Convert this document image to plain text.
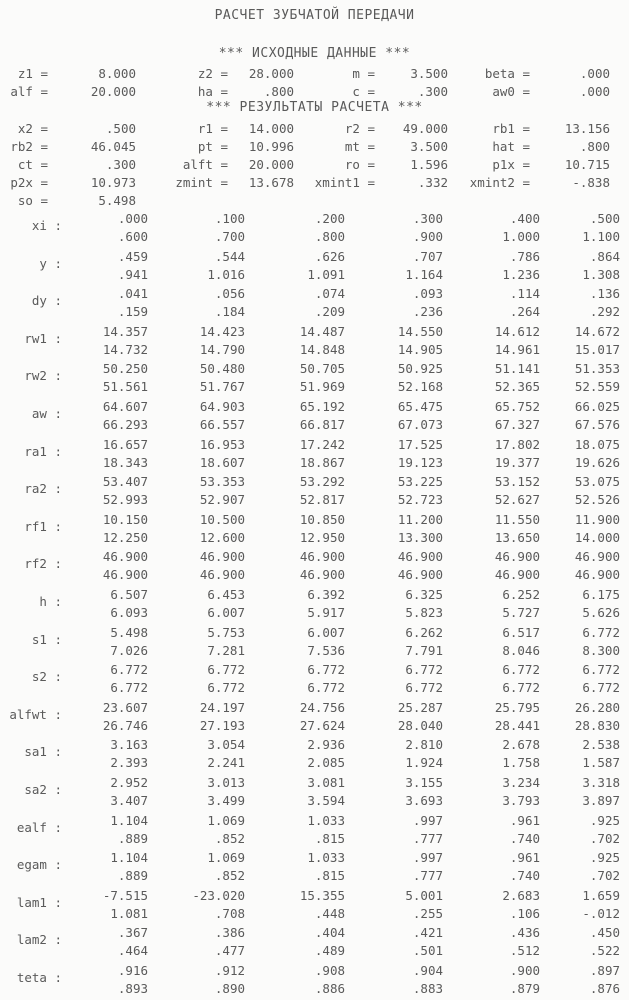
РАСЧЕТ ЗУБЧАТОЙ ПЕРЕДАЧИ
*** ИСХОДНЫЕ ДАННЫЕ ***
z1 =	8.000	z2 =	28.000	m =	3.500	beta =	.000
alf =	20.000	ha =	.800	c =	.300	aw0 =	.000
*** РЕЗУЛЬТАТЫ РАСЧЕТА ***
x2 =	.500	r1 =	14.000	r2 =	49.000	rb1 =	13.156
rb2 =	46.045	pt =	10.996	mt =	3.500	hat =	.800
ct =	.300	alft =	20.000	ro =	1.596	p1x =	10.715
p2x =	10.973	zmint =	13.678	xmint1 =	.332	xmint2 =	-.838
so =	5.498
xi :	.000	.100	.200	.300	.400	.500
.600	.700	.800	.900	1.000	1.100
y :	.459	.544	.626	.707	.786	.864
.941	1.016	1.091	1.164	1.236	1.308
dy :	.041	.056	.074	.093	.114	.136
.159	.184	.209	.236	.264	.292
rw1 :	14.357	14.423	14.487	14.550	14.612	14.672
14.732	14.790	14.848	14.905	14.961	15.017
rw2 :	50.250	50.480	50.705	50.925	51.141	51.353
51.561	51.767	51.969	52.168	52.365	52.559
aw :	64.607	64.903	65.192	65.475	65.752	66.025
66.293	66.557	66.817	67.073	67.327	67.576
ra1 :	16.657	16.953	17.242	17.525	17.802	18.075
18.343	18.607	18.867	19.123	19.377	19.626
ra2 :	53.407	53.353	53.292	53.225	53.152	53.075
52.993	52.907	52.817	52.723	52.627	52.526
rf1 :	10.150	10.500	10.850	11.200	11.550	11.900
12.250	12.600	12.950	13.300	13.650	14.000
rf2 :	46.900	46.900	46.900	46.900	46.900	46.900
46.900	46.900	46.900	46.900	46.900	46.900
h :	6.507	6.453	6.392	6.325	6.252	6.175
6.093	6.007	5.917	5.823	5.727	5.626
s1 :	5.498	5.753	6.007	6.262	6.517	6.772
7.026	7.281	7.536	7.791	8.046	8.300
s2 :	6.772	6.772	6.772	6.772	6.772	6.772
6.772	6.772	6.772	6.772	6.772	6.772
alfwt :	23.607	24.197	24.756	25.287	25.795	26.280
26.746	27.193	27.624	28.040	28.441	28.830
sa1 :	3.163	3.054	2.936	2.810	2.678	2.538
2.393	2.241	2.085	1.924	1.758	1.587
sa2 :	2.952	3.013	3.081	3.155	3.234	3.318
3.407	3.499	3.594	3.693	3.793	3.897
ealf :	1.104	1.069	1.033	.997	.961	.925
.889	.852	.815	.777	.740	.702
egam :	1.104	1.069	1.033	.997	.961	.925
.889	.852	.815	.777	.740	.702
lam1 :	-7.515	-23.020	15.355	5.001	2.683	1.659
1.081	.708	.448	.255	.106	-.012
lam2 :	.367	.386	.404	.421	.436	.450
.464	.477	.489	.501	.512	.522
teta :	.916	.912	.908	.904	.900	.897
.893	.890	.886	.883	.879	.876
